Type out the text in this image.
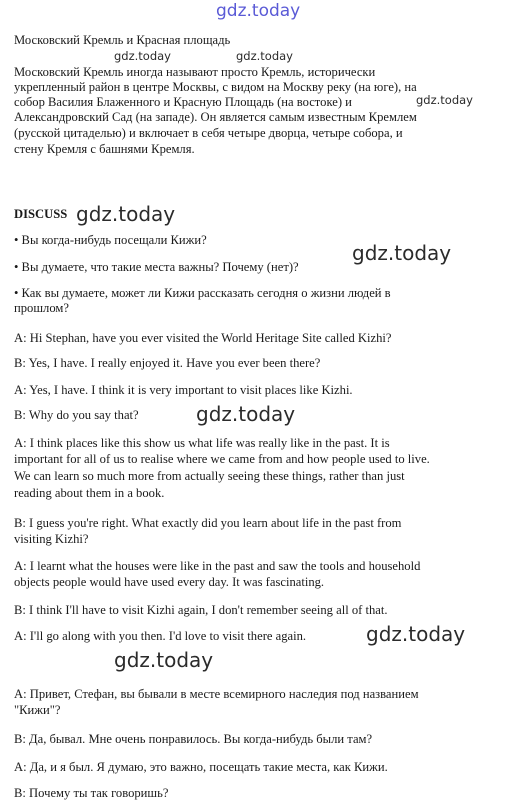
gdz.today
Московский Кремль и Красная площадь
Московский Кремль иногда называют просто Кремль, исторически
укрепленный район в центре Москвы, с видом на Москву реку (на юге), на
собор Василия Блаженного и Красную Площадь (на востоке) и
Александровский Сад (на западе). Он является самым известным Кремлем
(русской цитаделью) и включает в себя четыре дворца, четыре собора, и
стену Кремля с башнями Кремля.
gdz.today	gdz.today
gdz.today
DISCUSS gdz.today
• Вы когда-нибудь посещали Кижи?
• Вы думаете, что такие места важны? Почему (нет)?
gdz.today
• Как вы думаете, может ли Кижи рассказать сегодня о жизни людей в
прошлом?
A: Hi Stephan, have you ever visited the World Heritage Site called Kizhi?
B: Yes, I have. I really enjoyed it. Have you ever been there?
A: Yes, I have. I think it is very important to visit places like Kizhi.
B: Why do you say that?	gdz.today
A: I think places like this show us what life was really like in the past. It is
important for all of us to realise where we came from and how people used to live.
We can learn so much more from actually seeing these things, rather than just
reading about them in a book.
B: I guess you're right. What exactly did you learn about life in the past from
visiting Kizhi?
A: I learnt what the houses were like in the past and saw the tools and household
objects people would have used every day. It was fascinating.
B: I think I'll have to visit Kizhi again, I don't remember seeing all of that.
A: I'll go along with you then. I'd love to visit there again.	gdz.today
gdz.today
A: Привет, Стефан, вы бывали в месте всемирного наследия под названием
"Кижи"?
B: Да, бывал. Мне очень понравилось. Вы когда-нибудь были там?
A: Да, и я был. Я думаю, это важно, посещать такие места, как Кижи.
B: Почему ты так говоришь?
